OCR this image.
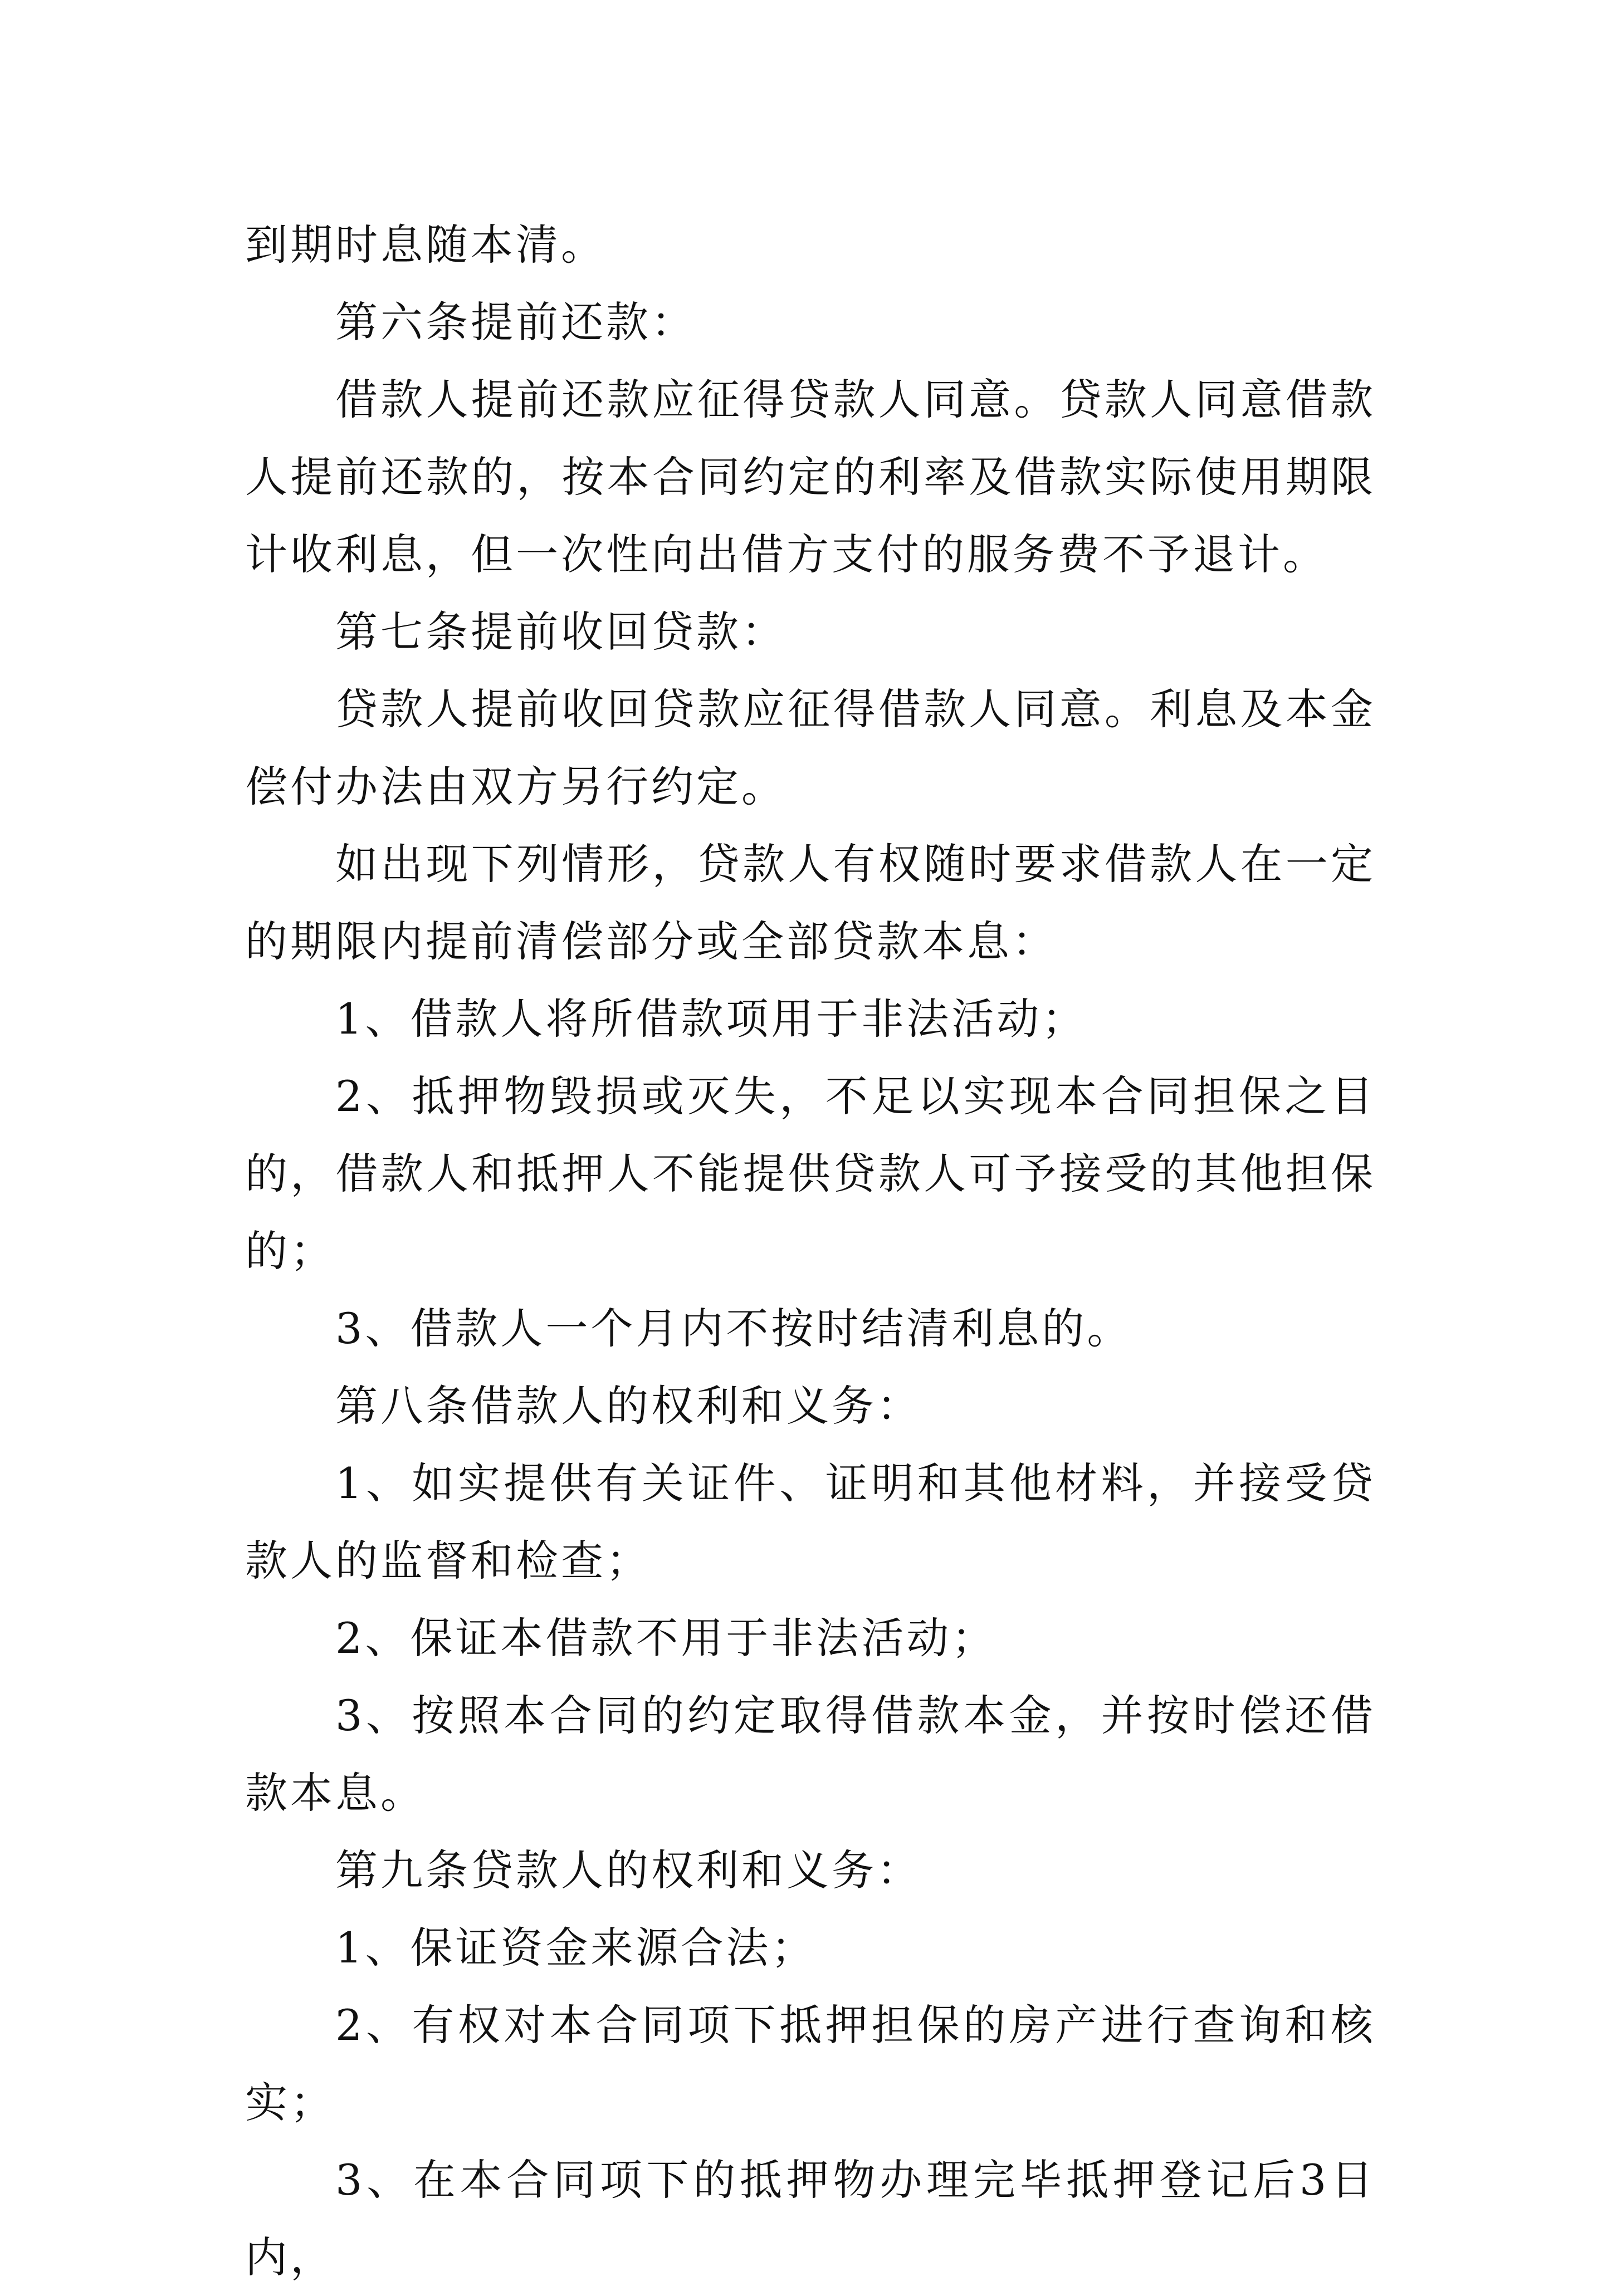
到期时息随本清。

第六条提前还款：

借款人提前还款应征得贷款人同意。贷款人同意借款人提前还款的，按本合同约定的利率及借款实际使用期限计收利息，但一次性向出借方支付的服务费不予退计。

第七条提前收回贷款：

贷款人提前收回贷款应征得借款人同意。利息及本金偿付办法由双方另行约定。

如出现下列情形，贷款人有权随时要求借款人在一定的期限内提前清偿部分或全部贷款本息：

1、借款人将所借款项用于非法活动；

2、抵押物毁损或灭失，不足以实现本合同担保之目的，借款人和抵押人不能提供贷款人可予接受的其他担保的；

3、借款人一个月内不按时结清利息的。

第八条借款人的权利和义务：

1、如实提供有关证件、证明和其他材料，并接受贷款人的监督和检查；

2、保证本借款不用于非法活动；

3、按照本合同的约定取得借款本金，并按时偿还借款本息。

第九条贷款人的权利和义务：

1、保证资金来源合法；

2、有权对本合同项下抵押担保的房产进行查询和核实；

3、在本合同项下的抵押物办理完毕抵押登记后3日内，
